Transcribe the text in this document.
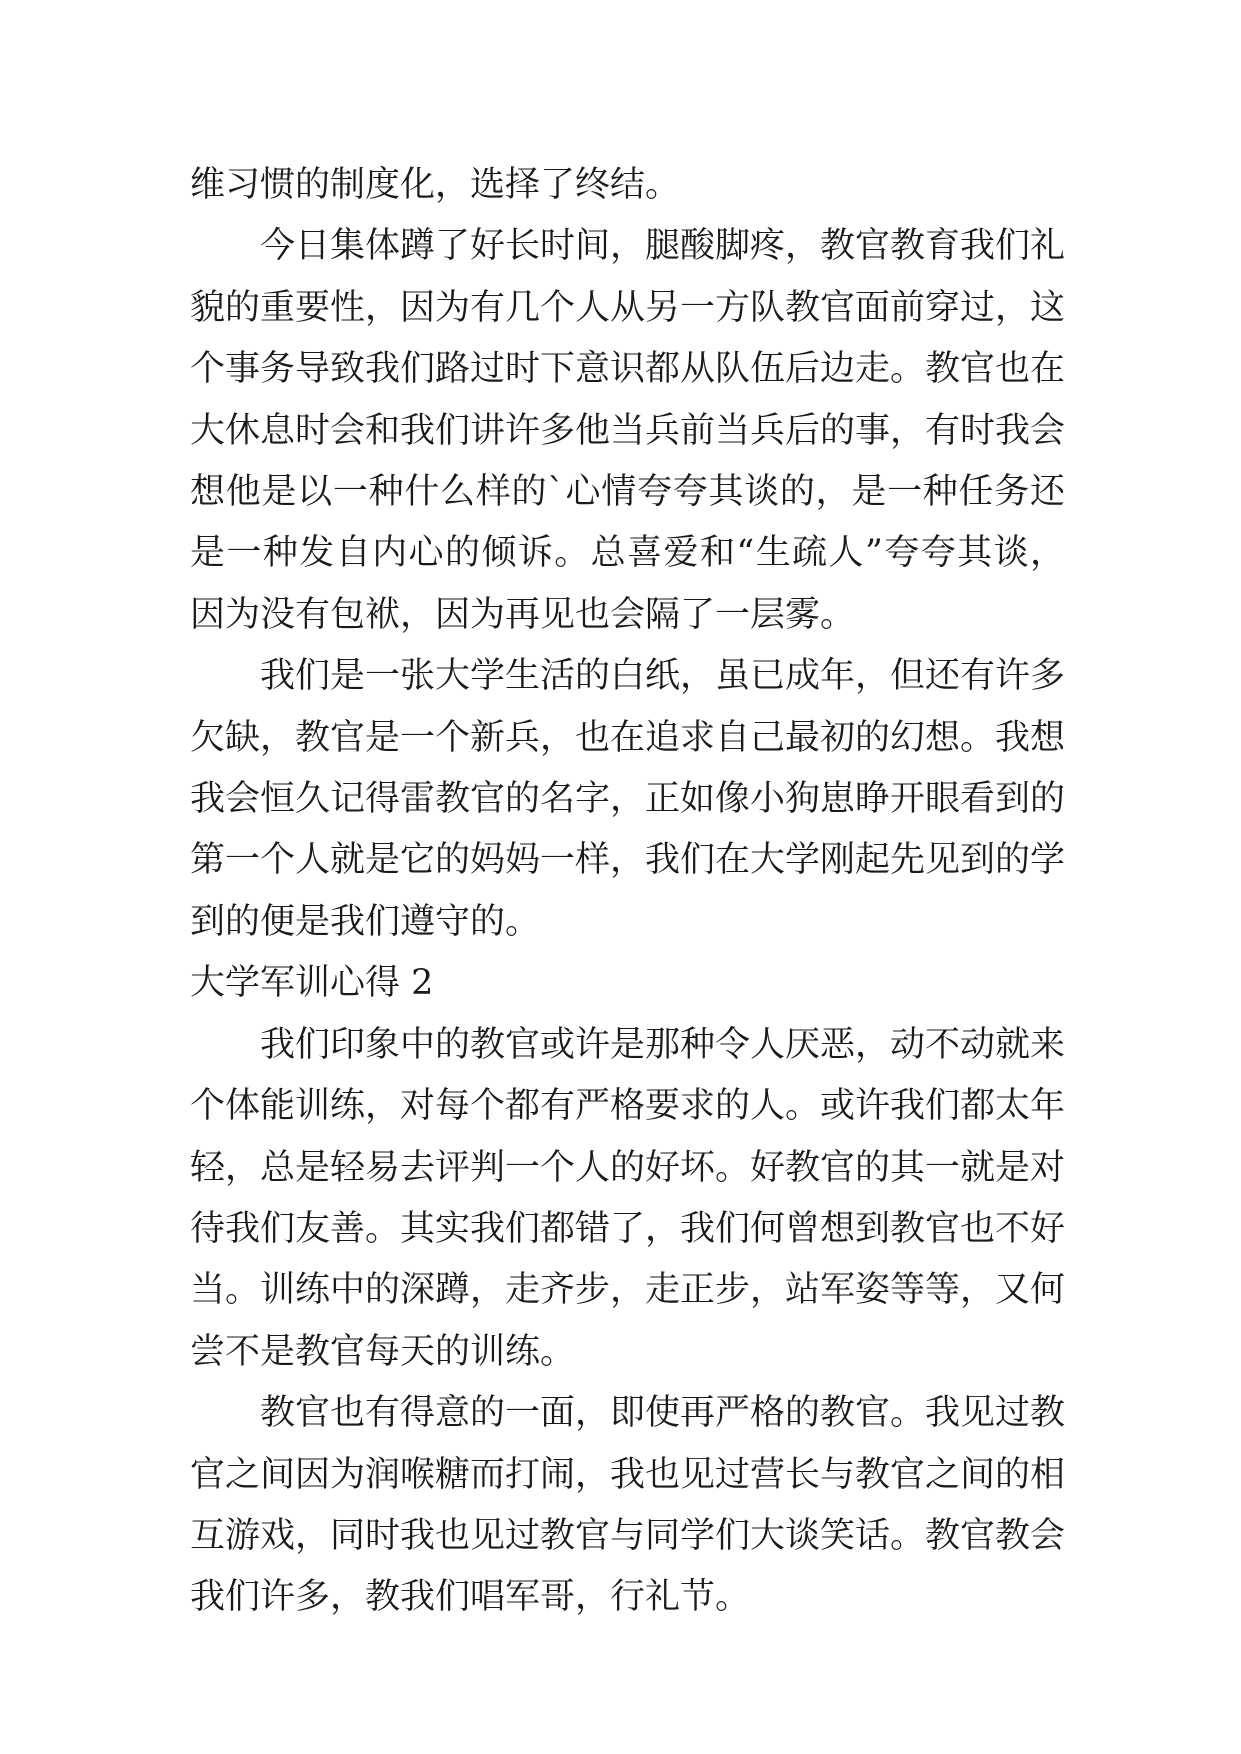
维习惯的制度化，选择了终结。

今日集体蹲了好长时间，腿酸脚疼，教官教育我们礼貌的重要性，因为有几个人从另一方队教官面前穿过，这个事务导致我们路过时下意识都从队伍后边走。教官也在大休息时会和我们讲许多他当兵前当兵后的事，有时我会想他是以一种什么样的`心情夸夸其谈的，是一种任务还是一种发自内心的倾诉。总喜爱和“生疏人”夸夸其谈，因为没有包袱，因为再见也会隔了一层雾。

我们是一张大学生活的白纸，虽已成年，但还有许多欠缺，教官是一个新兵，也在追求自己最初的幻想。我想我会恒久记得雷教官的名字，正如像小狗崽睁开眼看到的第一个人就是它的妈妈一样，我们在大学刚起先见到的学到的便是我们遵守的。

大学军训心得 2

我们印象中的教官或许是那种令人厌恶，动不动就来个体能训练，对每个都有严格要求的人。或许我们都太年轻，总是轻易去评判一个人的好坏。好教官的其一就是对待我们友善。其实我们都错了，我们何曾想到教官也不好当。训练中的深蹲，走齐步，走正步，站军姿等等，又何尝不是教官每天的训练。

教官也有得意的一面，即使再严格的教官。我见过教官之间因为润喉糖而打闹，我也见过营长与教官之间的相互游戏，同时我也见过教官与同学们大谈笑话。教官教会我们许多，教我们唱军哥，行礼节。
